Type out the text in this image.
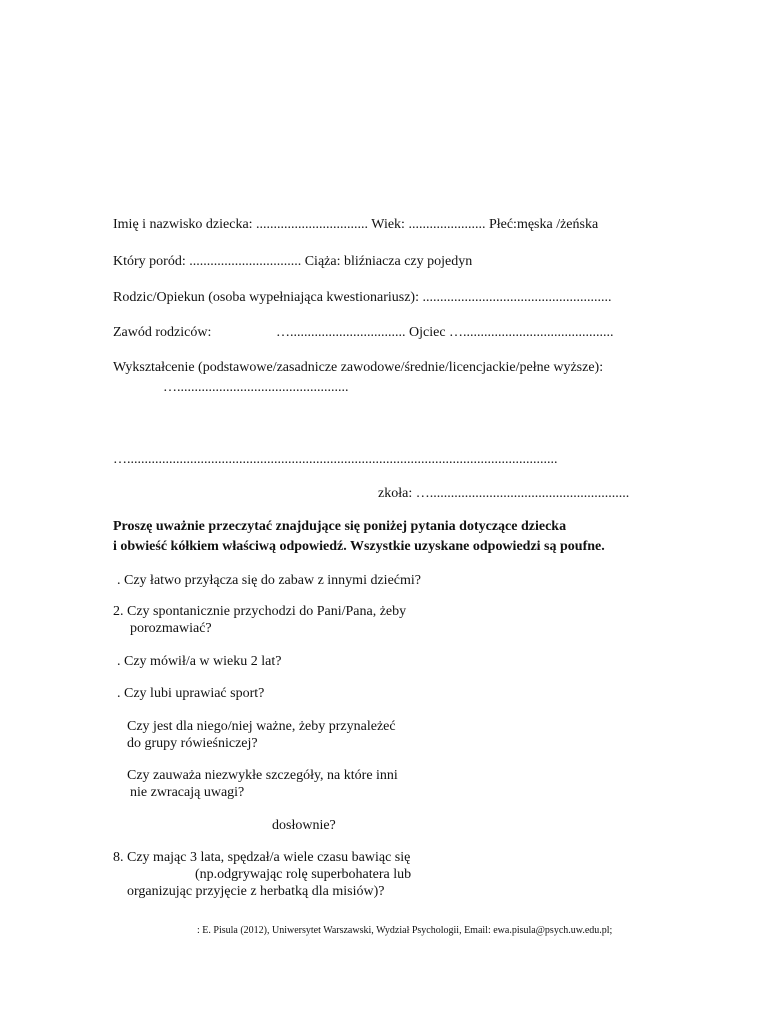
Imię i nazwisko dziecka: ................................ Wiek: ...................... Płeć:męska /żeńska
Który poród: ................................ Ciąża: bliźniacza czy pojedyn
Rodzic/Opiekun (osoba wypełniająca kwestionariusz): ......................................................
Zawód rodziców:	…................................. Ojciec …...........................................
Wykształcenie (podstawowe/zasadnicze zawodowe/średnie/licencjackie/pełne wyższe):
….................................................
…...........................................................................................................................
zkoła: ….........................................................
Proszę uważnie przeczytać znajdujące się poniżej pytania dotyczące dziecka
i obwieść kółkiem właściwą odpowiedź. Wszystkie uzyskane odpowiedzi są poufne.
. Czy łatwo przyłącza się do zabaw z innymi dziećmi?
2. Czy spontanicznie przychodzi do Pani/Pana, żeby
porozmawiać?
. Czy mówił/a w wieku 2 lat?
. Czy lubi uprawiać sport?
Czy jest dla niego/niej ważne, żeby przynależeć
do grupy rówieśniczej?
Czy zauważa niezwykłe szczegóły, na które inni
nie zwracają uwagi?
dosłownie?
8. Czy mając 3 lata, spędzał/a wiele czasu bawiąc się
(np.odgrywając rolę superbohatera lub
organizując przyjęcie z herbatką dla misiów)?
: E. Pisula (2012), Uniwersytet Warszawski, Wydział Psychologii, Email: ewa.pisula@psych.uw.edu.pl;
